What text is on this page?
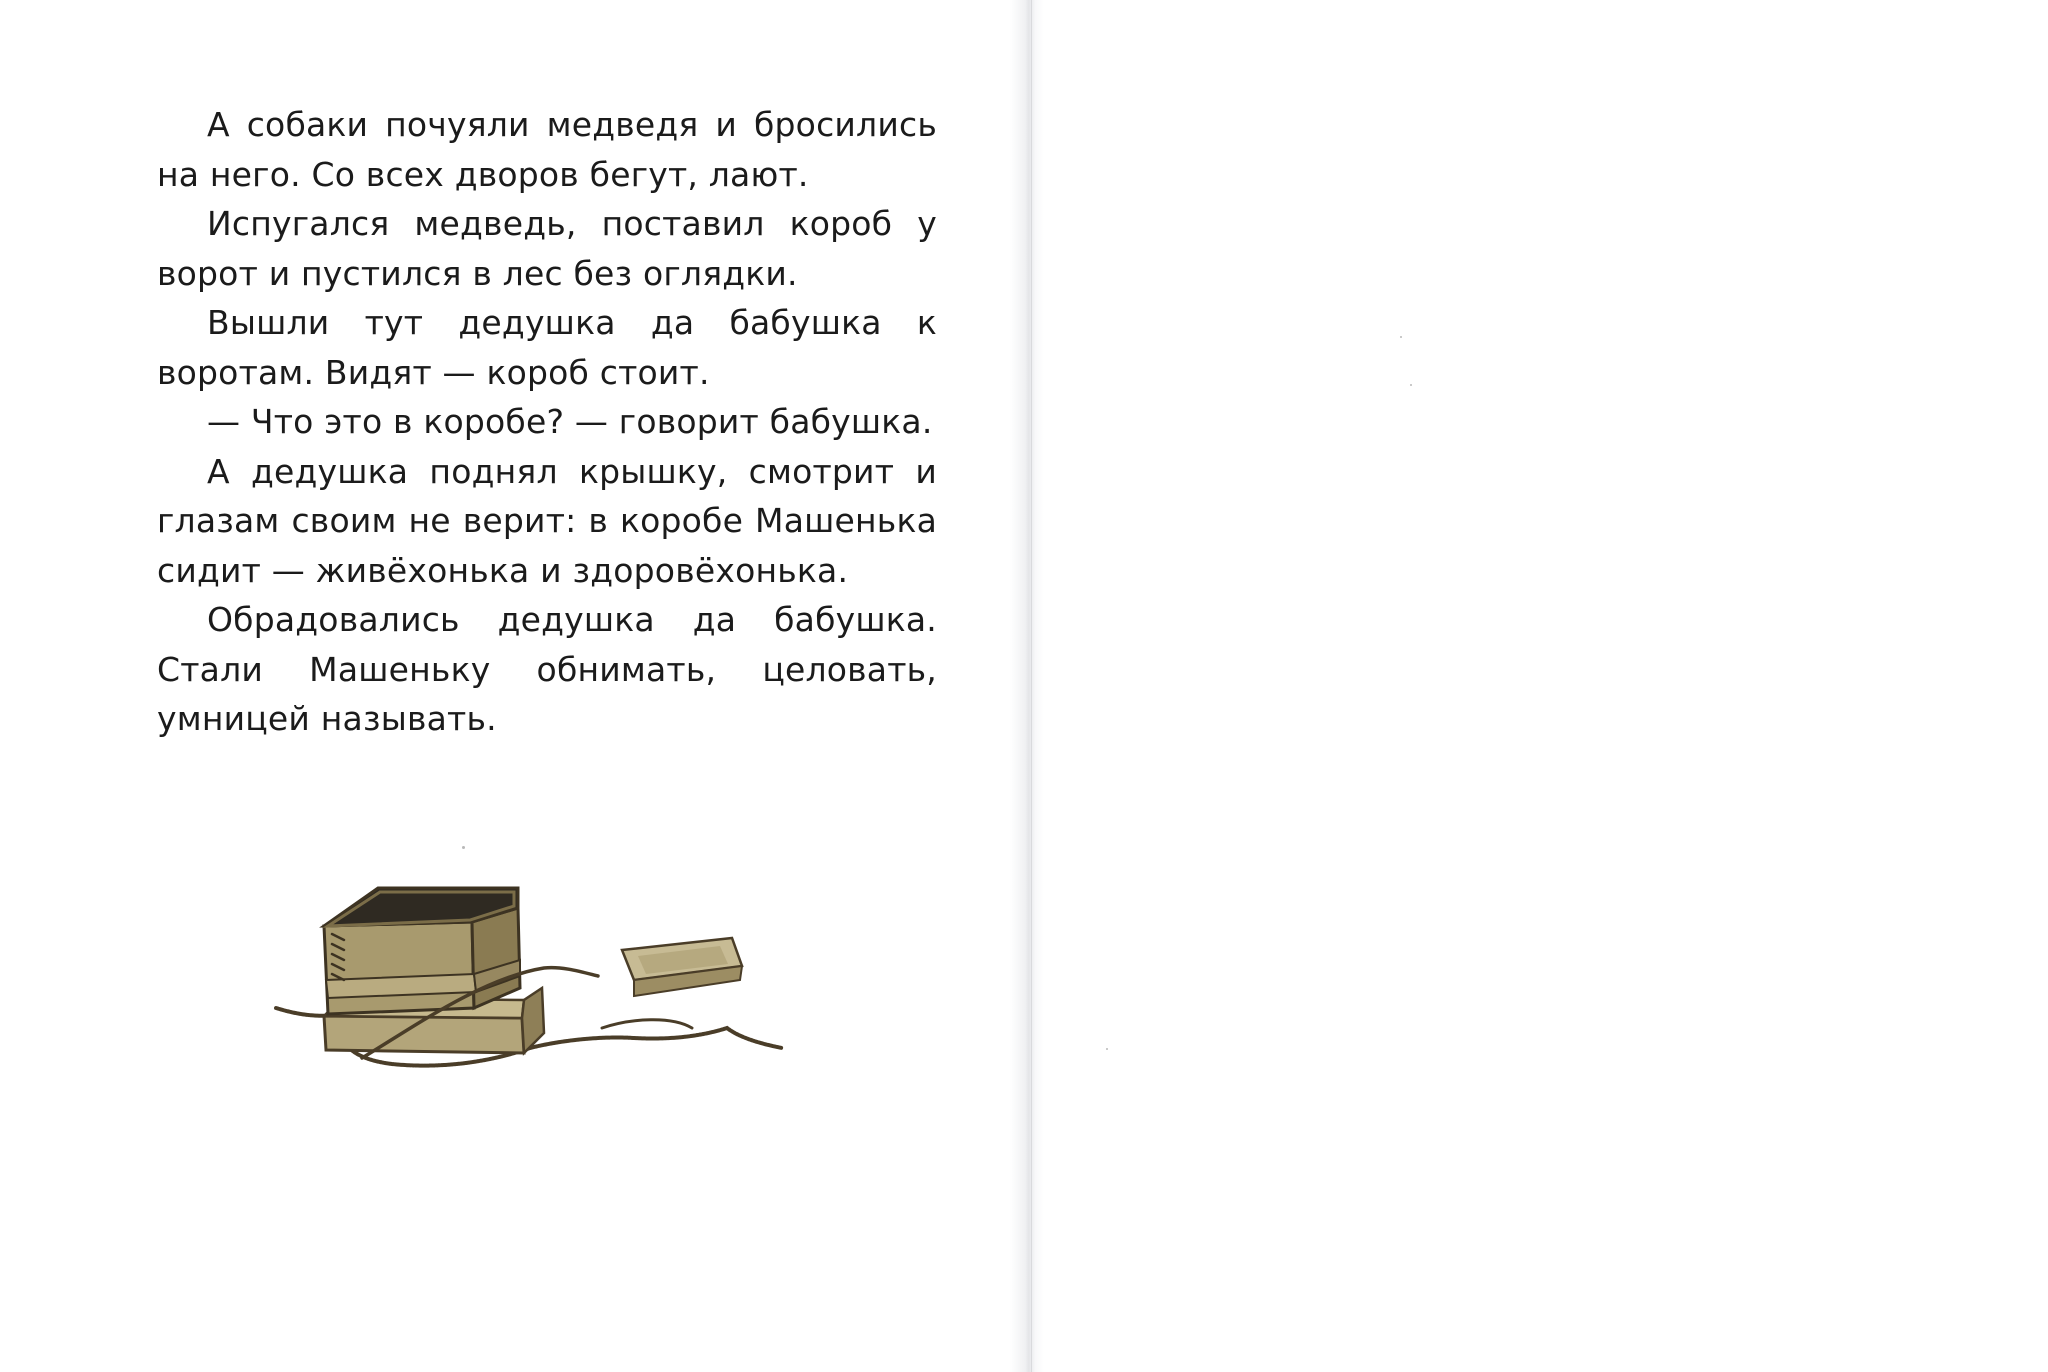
А собаки почуяли медведя и бросились на него. Со всех дворов бегут, лают.

Испугался медведь, поставил короб у ворот и пустился в лес без оглядки.

Вышли тут дедушка да бабушка к воротам. Видят — короб стоит.

— Что это в коробе? — говорит бабушка.

А дедушка поднял крышку, смотрит и глазам своим не верит: в коробе Машенька сидит — живёхонька и здоровёхонька.

Обрадовались дедушка да бабушка. Стали Машеньку обнимать, целовать, умницей называть.
